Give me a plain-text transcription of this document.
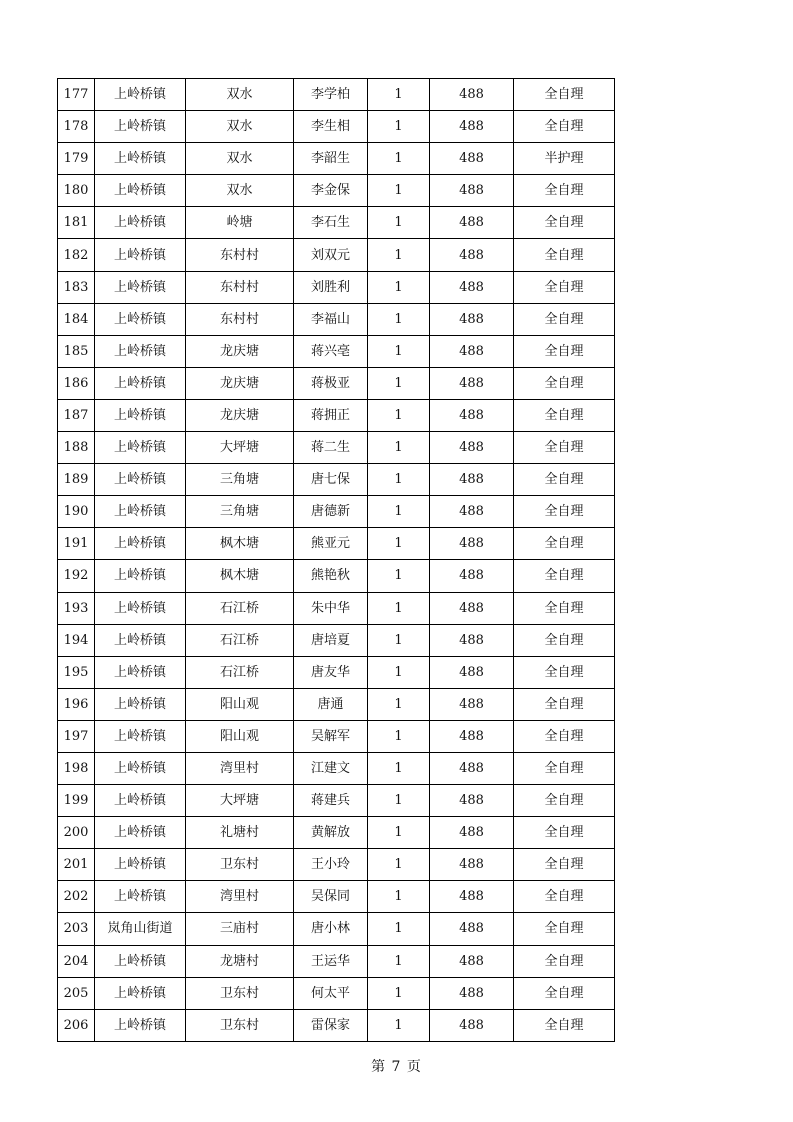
177	上岭桥镇	双水	李学柏	1	488	全自理
178	上岭桥镇	双水	李生相	1	488	全自理
179	上岭桥镇	双水	李韶生	1	488	半护理
180	上岭桥镇	双水	李金保	1	488	全自理
181	上岭桥镇	岭塘	李石生	1	488	全自理
182	上岭桥镇	东村村	刘双元	1	488	全自理
183	上岭桥镇	东村村	刘胜利	1	488	全自理
184	上岭桥镇	东村村	李福山	1	488	全自理
185	上岭桥镇	龙庆塘	蒋兴亳	1	488	全自理
186	上岭桥镇	龙庆塘	蒋极亚	1	488	全自理
187	上岭桥镇	龙庆塘	蒋拥正	1	488	全自理
188	上岭桥镇	大坪塘	蒋二生	1	488	全自理
189	上岭桥镇	三角塘	唐七保	1	488	全自理
190	上岭桥镇	三角塘	唐德新	1	488	全自理
191	上岭桥镇	枫木塘	熊亚元	1	488	全自理
192	上岭桥镇	枫木塘	熊艳秋	1	488	全自理
193	上岭桥镇	石江桥	朱中华	1	488	全自理
194	上岭桥镇	石江桥	唐培夏	1	488	全自理
195	上岭桥镇	石江桥	唐友华	1	488	全自理
196	上岭桥镇	阳山观	唐通	1	488	全自理
197	上岭桥镇	阳山观	吴解军	1	488	全自理
198	上岭桥镇	湾里村	江建文	1	488	全自理
199	上岭桥镇	大坪塘	蒋建兵	1	488	全自理
200	上岭桥镇	礼塘村	黄解放	1	488	全自理
201	上岭桥镇	卫东村	王小玲	1	488	全自理
202	上岭桥镇	湾里村	吴保同	1	488	全自理
203	岚角山街道	三庙村	唐小林	1	488	全自理
204	上岭桥镇	龙塘村	王运华	1	488	全自理
205	上岭桥镇	卫东村	何太平	1	488	全自理
206	上岭桥镇	卫东村	雷保家	1	488	全自理
第 7 页
